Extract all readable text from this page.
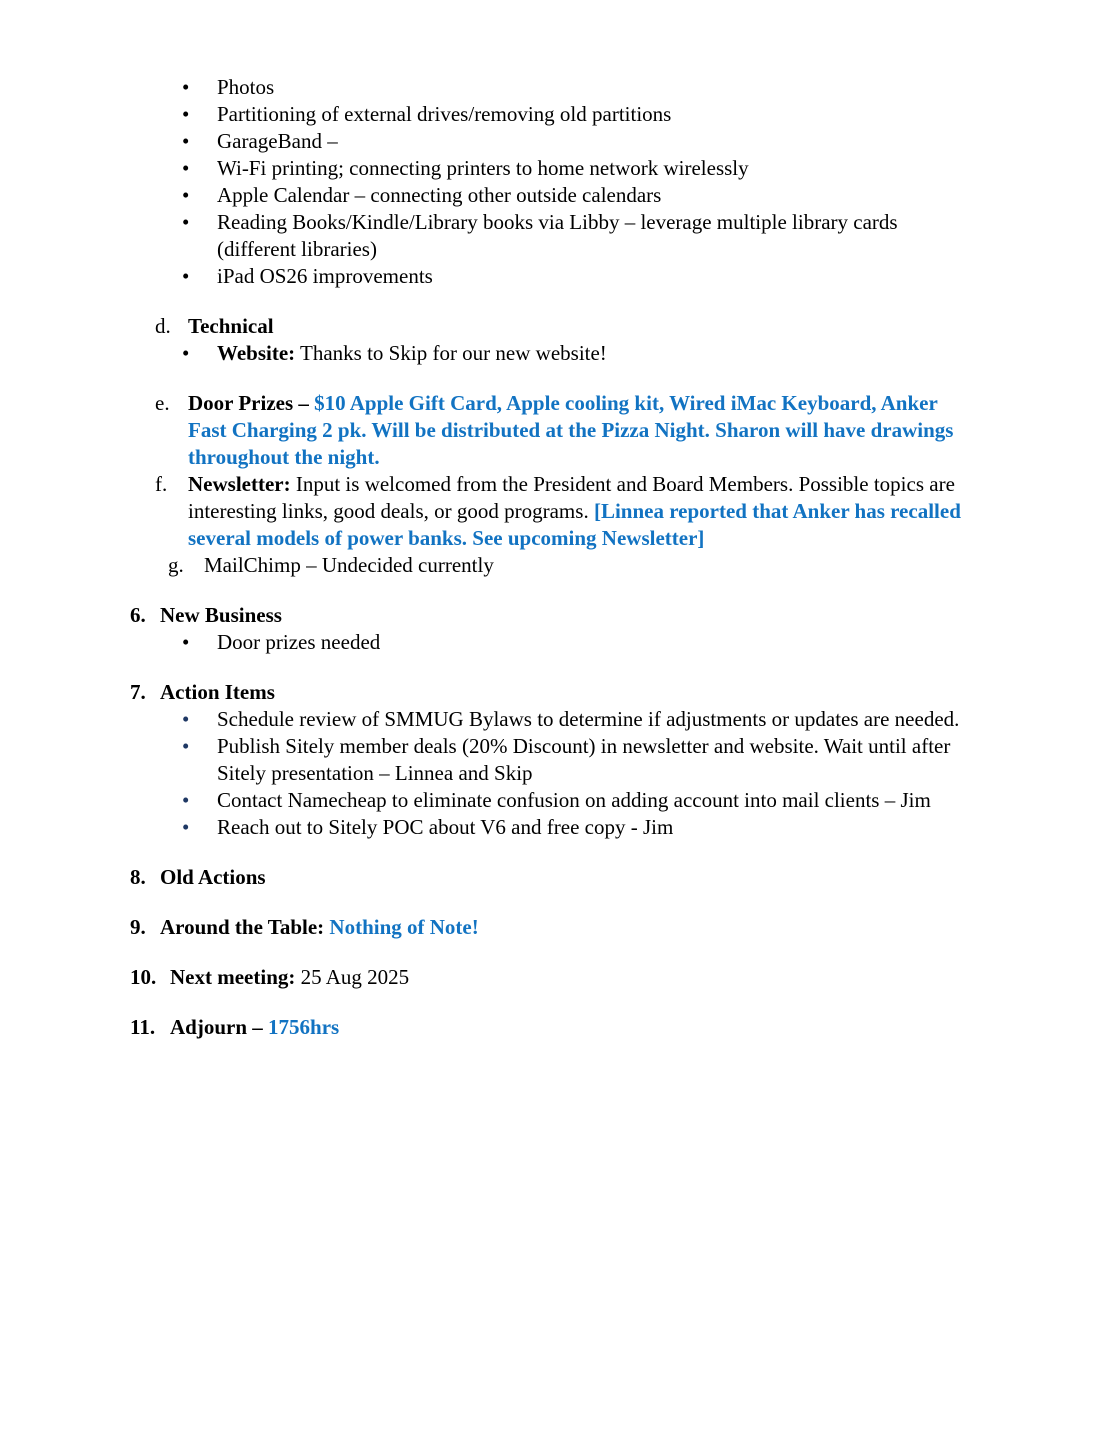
•	Photos
•	Partitioning of external drives/removing old partitions
•	GarageBand –
•	Wi-Fi printing; connecting printers to home network wirelessly
•	Apple Calendar – connecting other outside calendars
•	Reading Books/Kindle/Library books via Libby – leverage multiple library cards (different libraries)
•	iPad OS26 improvements
d. Technical
•	Website: Thanks to Skip for our new website!
e. Door Prizes – $10 Apple Gift Card, Apple cooling kit, Wired iMac Keyboard, Anker Fast Charging 2 pk. Will be distributed at the Pizza Night. Sharon will have drawings throughout the night.
f. Newsletter: Input is welcomed from the President and Board Members. Possible topics are interesting links, good deals, or good programs. [Linnea reported that Anker has recalled several models of power banks. See upcoming Newsletter]
g. MailChimp – Undecided currently
6. New Business
•	Door prizes needed
7. Action Items
•	Schedule review of SMMUG Bylaws to determine if adjustments or updates are needed.
•	Publish Sitely member deals (20% Discount) in newsletter and website. Wait until after Sitely presentation – Linnea and Skip
•	Contact Namecheap to eliminate confusion on adding account into mail clients – Jim
•	Reach out to Sitely POC about V6 and free copy - Jim
8. Old Actions
9. Around the Table: Nothing of Note!
10. Next meeting: 25 Aug 2025
11. Adjourn – 1756hrs
